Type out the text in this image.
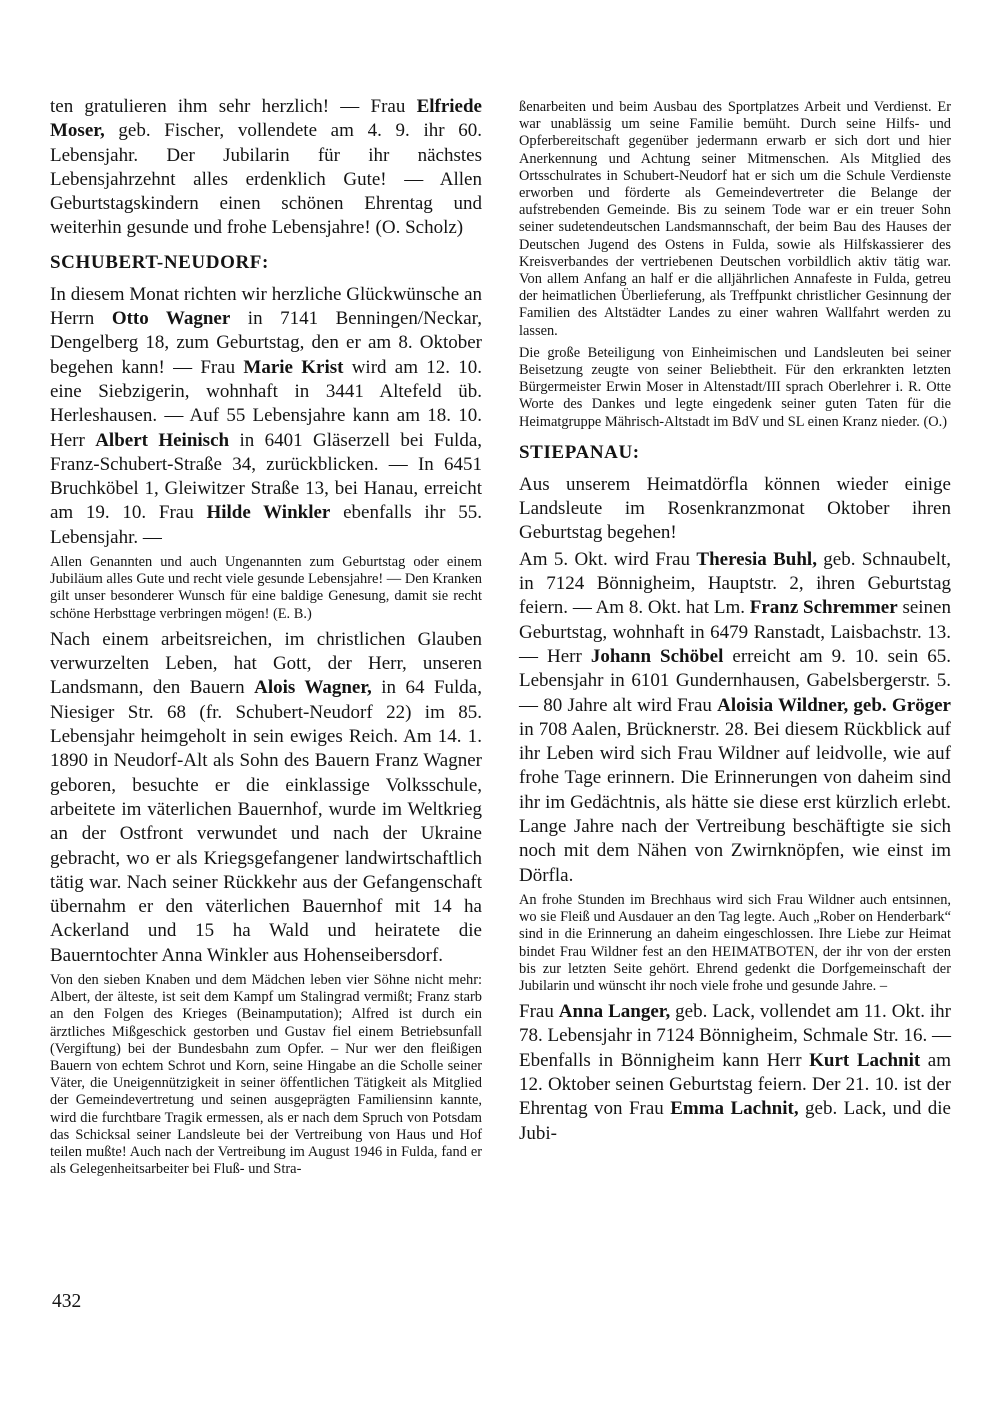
ten gratulieren ihm sehr herzlich! — Frau Elfriede Moser, geb. Fischer, vollendete am 4. 9. ihr 60. Lebensjahr. Der Jubilarin für ihr nächstes Lebensjahrzehnt alles erdenklich Gute! — Allen Geburtstagskindern einen schönen Ehrentag und weiterhin gesunde und frohe Lebensjahre! (O. Scholz)

SCHUBERT-NEUDORF:

In diesem Monat richten wir herzliche Glückwünsche an Herrn Otto Wagner in 7141 Benningen/Neckar, Dengelberg 18, zum Geburtstag, den er am 8. Oktober begehen kann! — Frau Marie Krist wird am 12. 10. eine Siebzigerin, wohnhaft in 3441 Altefeld üb. Herleshausen. — Auf 55 Lebensjahre kann am 18. 10. Herr Albert Heinisch in 6401 Gläserzell bei Fulda, Franz-Schubert-Straße 34, zurückblicken. — In 6451 Bruchköbel 1, Gleiwitzer Straße 13, bei Hanau, erreicht am 19. 10. Frau Hilde Winkler ebenfalls ihr 55. Lebensjahr. —

Allen Genannten und auch Ungenannten zum Geburtstag oder einem Jubiläum alles Gute und recht viele gesunde Lebensjahre! — Den Kranken gilt unser besonderer Wunsch für eine baldige Genesung, damit sie recht schöne Herbsttage verbringen mögen! (E. B.)

Nach einem arbeitsreichen, im christlichen Glauben verwurzelten Leben, hat Gott, der Herr, unseren Landsmann, den Bauern Alois Wagner, in 64 Fulda, Niesiger Str. 68 (fr. Schubert-Neudorf 22) im 85. Lebensjahr heimgeholt in sein ewiges Reich. Am 14. 1. 1890 in Neudorf-Alt als Sohn des Bauern Franz Wagner geboren, besuchte er die einklassige Volksschule, arbeitete im väterlichen Bauernhof, wurde im Weltkrieg an der Ostfront verwundet und nach der Ukraine gebracht, wo er als Kriegsgefangener landwirtschaftlich tätig war. Nach seiner Rückkehr aus der Gefangenschaft übernahm er den väterlichen Bauernhof mit 14 ha Ackerland und 15 ha Wald und heiratete die Bauerntochter Anna Winkler aus Hohenseibersdorf.

Von den sieben Knaben und dem Mädchen leben vier Söhne nicht mehr: Albert, der älteste, ist seit dem Kampf um Stalingrad vermißt; Franz starb an den Folgen des Krieges (Beinamputation); Alfred ist durch ein ärztliches Mißgeschick gestorben und Gustav fiel einem Betriebsunfall (Vergiftung) bei der Bundesbahn zum Opfer. – Nur wer den fleißigen Bauern von echtem Schrot und Korn, seine Hingabe an die Scholle seiner Väter, die Uneigennützigkeit in seiner öffentlichen Tätigkeit als Mitglied der Gemeindevertretung und seinen ausgeprägten Familiensinn kannte, wird die furchtbare Tragik ermessen, als er nach dem Spruch von Potsdam das Schicksal seiner Landsleute bei der Vertreibung von Haus und Hof teilen mußte! Auch nach der Vertreibung im August 1946 in Fulda, fand er als Gelegenheitsarbeiter bei Fluß- und Stra-

ßenarbeiten und beim Ausbau des Sportplatzes Arbeit und Verdienst. Er war unablässig um seine Familie bemüht. Durch seine Hilfs- und Opferbereitschaft gegenüber jedermann erwarb er sich dort und hier Anerkennung und Achtung seiner Mitmenschen. Als Mitglied des Ortsschulrates in Schubert-Neudorf hat er sich um die Schule Verdienste erworben und förderte als Gemeindevertreter die Belange der aufstrebenden Gemeinde. Bis zu seinem Tode war er ein treuer Sohn seiner sudetendeutschen Landsmannschaft, der beim Bau des Hauses der Deutschen Jugend des Ostens in Fulda, sowie als Hilfskassierer des Kreisverbandes der vertriebenen Deutschen vorbildlich aktiv tätig war. Von allem Anfang an half er die alljährlichen Annafeste in Fulda, getreu der heimatlichen Überlieferung, als Treffpunkt christlicher Gesinnung der Familien des Altstädter Landes zu einer wahren Wallfahrt werden zu lassen.

Die große Beteiligung von Einheimischen und Landsleuten bei seiner Beisetzung zeugte von seiner Beliebtheit. Für den erkrankten letzten Bürgermeister Erwin Moser in Altenstadt/III sprach Oberlehrer i. R. Otte Worte des Dankes und legte eingedenk seiner guten Taten für die Heimatgruppe Mährisch-Altstadt im BdV und SL einen Kranz nieder. (O.)

STIEPANAU:

Aus unserem Heimatdörfla können wieder einige Landsleute im Rosenkranzmonat Oktober ihren Geburtstag begehen!

Am 5. Okt. wird Frau Theresia Buhl, geb. Schnaubelt, in 7124 Bönnigheim, Hauptstr. 2, ihren Geburtstag feiern. — Am 8. Okt. hat Lm. Franz Schremmer seinen Geburtstag, wohnhaft in 6479 Ranstadt, Laisbachstr. 13. — Herr Johann Schöbel erreicht am 9. 10. sein 65. Lebensjahr in 6101 Gundernhausen, Gabelsbergerstr. 5. — 80 Jahre alt wird Frau Aloisia Wildner, geb. Gröger in 708 Aalen, Brücknerstr. 28. Bei diesem Rückblick auf ihr Leben wird sich Frau Wildner auf leidvolle, wie auf frohe Tage erinnern. Die Erinnerungen von daheim sind ihr im Gedächtnis, als hätte sie diese erst kürzlich erlebt. Lange Jahre nach der Vertreibung beschäftigte sie sich noch mit dem Nähen von Zwirnknöpfen, wie einst im Dörfla.

An frohe Stunden im Brechhaus wird sich Frau Wildner auch entsinnen, wo sie Fleiß und Ausdauer an den Tag legte. Auch „Rober on Henderbark“ sind in die Erinnerung an daheim eingeschlossen. Ihre Liebe zur Heimat bindet Frau Wildner fest an den HEIMATBOTEN, der ihr von der ersten bis zur letzten Seite gehört. Ehrend gedenkt die Dorfgemeinschaft der Jubilarin und wünscht ihr noch viele frohe und gesunde Jahre. –

Frau Anna Langer, geb. Lack, vollendet am 11. Okt. ihr 78. Lebensjahr in 7124 Bönnigheim, Schmale Str. 16. — Ebenfalls in Bönnigheim kann Herr Kurt Lachnit am 12. Oktober seinen Geburtstag feiern. Der 21. 10. ist der Ehrentag von Frau Emma Lachnit, geb. Lack, und die Jubi-

432
